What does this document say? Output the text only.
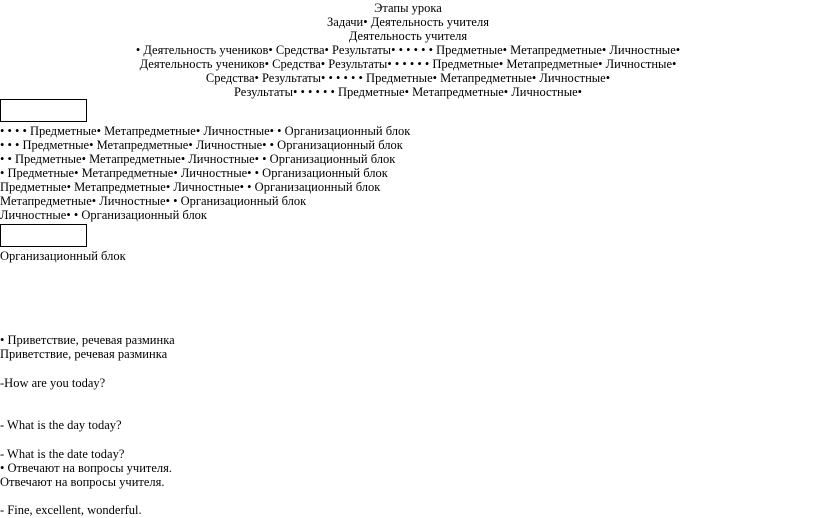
Этапы урока
Задачи• Деятельность учителя
Деятельность учителя
• Деятельность учеников• Средства• Результаты• • • • • • Предметные• Метапредметные• Личностные•
Деятельность учеников• Средства• Результаты• • • • • • Предметные• Метапредметные• Личностные•
Средства• Результаты• • • • • • Предметные• Метапредметные• Личностные•
Результаты• • • • • • Предметные• Метапредметные• Личностные•
• • • • Предметные• Метапредметные• Личностные• • Организационный блок
• • • Предметные• Метапредметные• Личностные• • Организационный блок
• • Предметные• Метапредметные• Личностные• • Организационный блок
• Предметные• Метапредметные• Личностные• • Организационный блок
Предметные• Метапредметные• Личностные• • Организационный блок
Метапредметные• Личностные• • Организационный блок
Личностные• • Организационный блок
Организационный блок
• Приветствие, речевая разминка
Приветствие, речевая разминка
-How are you today?
- What is the day today?
- What is the date today?
• Отвечают на вопросы учителя.
Отвечают на вопросы учителя.
- Fine, excellent, wonderful.
